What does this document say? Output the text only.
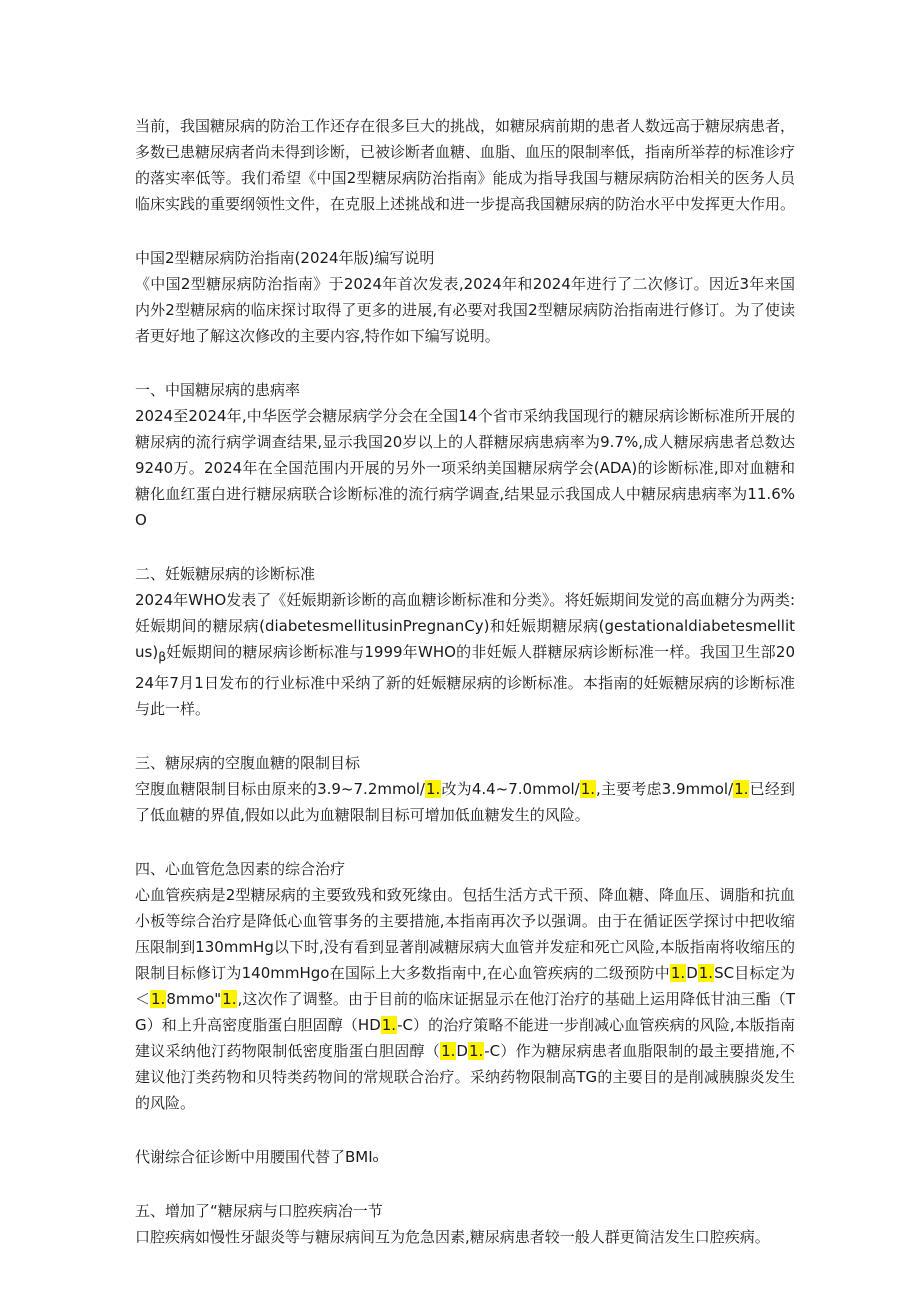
当前，我国糖尿病的防治工作还存在很多巨大的挑战，如糖尿病前期的患者人数远高于糖尿病患者，多数已患糖尿病者尚未得到诊断，已被诊断者血糖、血脂、血压的限制率低，指南所举荐的标准诊疗的落实率低等。我们希望《中国2型糖尿病防治指南》能成为指导我国与糖尿病防治相关的医务人员临床实践的重要纲领性文件，在克服上述挑战和进一步提高我国糖尿病的防治水平中发挥更大作用。

中国2型糖尿病防治指南(2024年版)编写说明

《中国2型糖尿病防治指南》于2024年首次发表,2024年和2024年进行了二次修订。因近3年来国内外2型糖尿病的临床探讨取得了更多的进展,有必要对我国2型糖尿病防治指南进行修订。为了使读者更好地了解这次修改的主要内容,特作如下编写说明。

一、中国糖尿病的患病率

2024至2024年,中华医学会糖尿病学分会在全国14个省市采纳我国现行的糖尿病诊断标准所开展的糖尿病的流行病学调查结果,显示我国20岁以上的人群糖尿病患病率为9.7%,成人糖尿病患者总数达9240万。2024年在全国范围内开展的另外一项采纳美国糖尿病学会(ADA)的诊断标准,即对血糖和糖化血红蛋白进行糖尿病联合诊断标准的流行病学调查,结果显示我国成人中糖尿病患病率为11.6%O

二、妊娠糖尿病的诊断标准

2024年WHO发表了《妊娠期新诊断的高血糖诊断标准和分类》。将妊娠期间发觉的高血糖分为两类:妊娠期间的糖尿病(diabetesmellitusinPregnanCy)和妊娠期糖尿病$(gestationaldiabetesmellitus)_\beta$妊娠期间的糖尿病诊断标准与1999年WHO的非妊娠人群糖尿病诊断标准一样。我国卫生部2024年7月1日发布的行业标准中采纳了新的妊娠糖尿病的诊断标准。本指南的妊娠糖尿病的诊断标准与此一样。

三、糖尿病的空腹血糖的限制目标

空腹血糖限制目标由原来的3.9~7.2mmol/1.改为4.4~7.0mmol/1.,主要考虑3.9mmol/1.已经到了低血糖的界值,假如以此为血糖限制目标可增加低血糖发生的风险。

四、心血管危急因素的综合治疗

心血管疾病是2型糖尿病的主要致残和致死缘由。包括生活方式干预、降血糖、降血压、调脂和抗血小板等综合治疗是降低心血管事务的主要措施,本指南再次予以强调。由于在循证医学探讨中把收缩压限制到130mmHg以下时,没有看到显著削减糖尿病大血管并发症和死亡风险,本版指南将收缩压的限制目标修订为140mmHgo在国际上大多数指南中,在心血管疾病的二级预防中1.D1.SC目标定为＜1.8mmo"1.,这次作了调整。由于目前的临床证据显示在他汀治疗的基础上运用降低甘油三酯（TG）和上升高密度脂蛋白胆固醇（HD1.-C）的治疗策略不能进一步削减心血管疾病的风险,本版指南建议采纳他汀药物限制低密度脂蛋白胆固醇（1.D1.-C）作为糖尿病患者血脂限制的最主要措施,不建议他汀类药物和贝特类药物间的常规联合治疗。采纳药物限制高TG的主要目的是削减胰腺炎发生的风险。

代谢综合征诊断中用腰围代替了BMIₒ

五、增加了“糖尿病与口腔疾病冶一节

口腔疾病如慢性牙龈炎等与糖尿病间互为危急因素,糖尿病患者较一般人群更简洁发生口腔疾病。
